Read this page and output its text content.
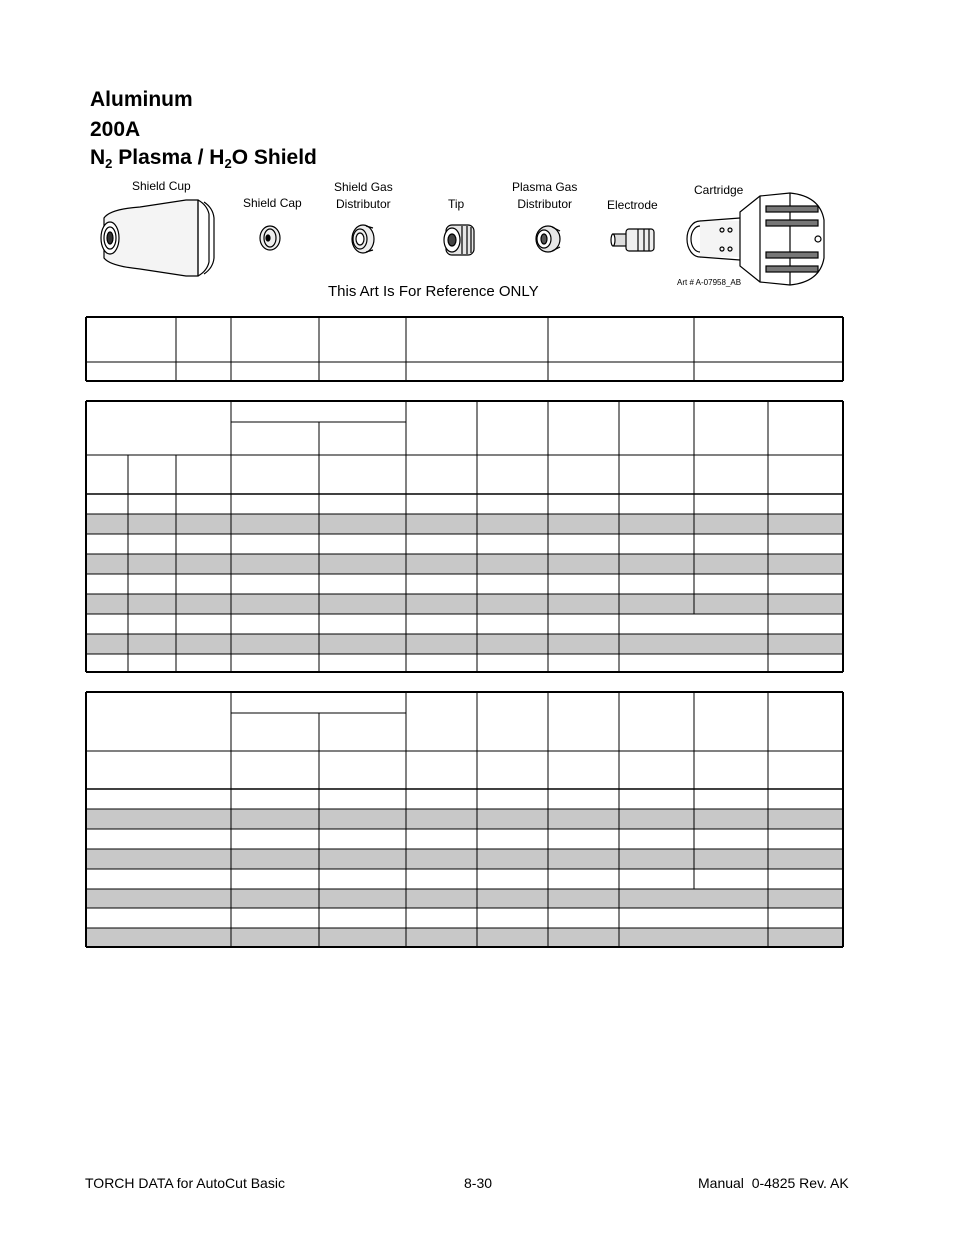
Aluminum
200A
$N_2$ Plasma / $H_2O$ Shield
Shield Cup
Shield Cap
Shield Gas
Distributor	Tip
Plasma Gas
Distributor	Electrode
Cartridge
Art # A-07958_AB
This Art Is For Reference ONLY
TORCH DATA for AutoCut Basic	8-30	Manual  0-4825 Rev. AK
